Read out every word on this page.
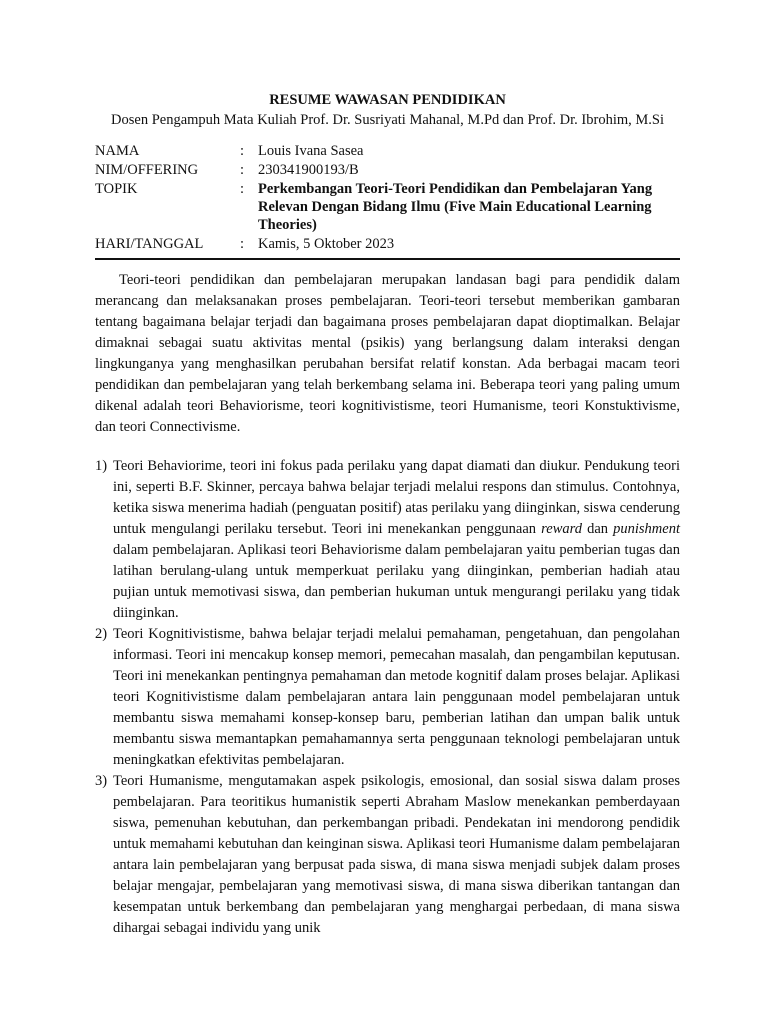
RESUME WAWASAN PENDIDIKAN

Dosen Pengampuh Mata Kuliah Prof. Dr. Susriyati Mahanal, M.Pd dan Prof. Dr. Ibrohim, M.Si

NAMA	: Louis Ivana Sasea
NIM/OFFERING	: 230341900193/B
TOPIK	: Perkembangan Teori-Teori Pendidikan dan Pembelajaran Yang Relevan Dengan Bidang Ilmu (Five Main Educational Learning Theories)
HARI/TANGGAL	: Kamis, 5 Oktober 2023

Teori-teori pendidikan dan pembelajaran merupakan landasan bagi para pendidik dalam merancang dan melaksanakan proses pembelajaran. Teori-teori tersebut memberikan gambaran tentang bagaimana belajar terjadi dan bagaimana proses pembelajaran dapat dioptimalkan. Belajar dimaknai sebagai suatu aktivitas mental (psikis) yang berlangsung dalam interaksi dengan lingkunganya yang menghasilkan perubahan bersifat relatif konstan. Ada berbagai macam teori pendidikan dan pembelajaran yang telah berkembang selama ini. Beberapa teori yang paling umum dikenal adalah teori Behaviorisme, teori kognitivistisme, teori Humanisme, teori Konstuktivisme, dan teori Connectivisme.

1) Teori Behaviorime, teori ini fokus pada perilaku yang dapat diamati dan diukur. Pendukung teori ini, seperti B.F. Skinner, percaya bahwa belajar terjadi melalui respons dan stimulus. Contohnya, ketika siswa menerima hadiah (penguatan positif) atas perilaku yang diinginkan, siswa cenderung untuk mengulangi perilaku tersebut. Teori ini menekankan penggunaan reward dan punishment dalam pembelajaran. Aplikasi teori Behaviorisme dalam pembelajaran yaitu pemberian tugas dan latihan berulang-ulang untuk memperkuat perilaku yang diinginkan, pemberian hadiah atau pujian untuk memotivasi siswa, dan pemberian hukuman untuk mengurangi perilaku yang tidak diinginkan.
2) Teori Kognitivistisme, bahwa belajar terjadi melalui pemahaman, pengetahuan, dan pengolahan informasi. Teori ini mencakup konsep memori, pemecahan masalah, dan pengambilan keputusan. Teori ini menekankan pentingnya pemahaman dan metode kognitif dalam proses belajar. Aplikasi teori Kognitivistisme dalam pembelajaran antara lain penggunaan model pembelajaran untuk membantu siswa memahami konsep-konsep baru, pemberian latihan dan umpan balik untuk membantu siswa memantapkan pemahamannya serta penggunaan teknologi pembelajaran untuk meningkatkan efektivitas pembelajaran.
3) Teori Humanisme, mengutamakan aspek psikologis, emosional, dan sosial siswa dalam proses pembelajaran. Para teoritikus humanistik seperti Abraham Maslow menekankan pemberdayaan siswa, pemenuhan kebutuhan, dan perkembangan pribadi. Pendekatan ini mendorong pendidik untuk memahami kebutuhan dan keinginan siswa. Aplikasi teori Humanisme dalam pembelajaran antara lain pembelajaran yang berpusat pada siswa, di mana siswa menjadi subjek dalam proses belajar mengajar, pembelajaran yang memotivasi siswa, di mana siswa diberikan tantangan dan kesempatan untuk berkembang dan pembelajaran yang menghargai perbedaan, di mana siswa dihargai sebagai individu yang unik
